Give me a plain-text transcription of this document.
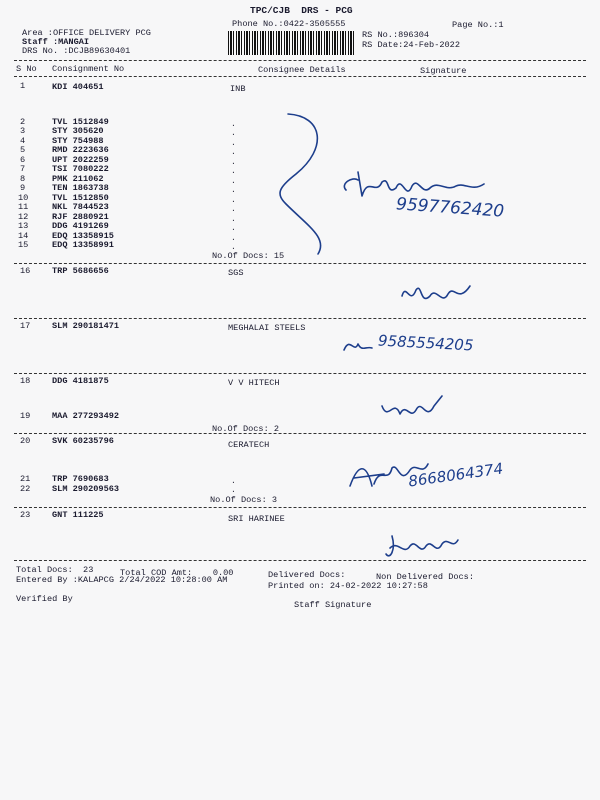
TPC/CJB  DRS - PCG
Phone No.:0422-3505555	Page No.:1
Area :OFFICE DELIVERY PCG
Staff :MANGAI
DRS No. :DCJB89630401
RS No.:896304
RS Date:24-Feb-2022
S No Consignment No	Consignee Details	Signature
1	KDI 404651	INB
2	TVL 1512849
3	STY 305620
4	STY 754988
5	RMD 2223636
6	UPT 2022259
7	TSI 7080222
8	PMK 211062
9	TEN 1863738
10	TVL 1512850
11	NKL 7844523
12	RJF 2880921
13	DDG 4191269
14	EDQ 13358915
15	EDQ 13358991
.
.
.
.
.
.
.
.
.
.
.
.
.
.
No.Of Docs: 15
16	TRP 5686656	SGS
17	SLM 290181471	MEGHALAI STEELS
18	DDG 4181875	V V HITECH
19	MAA 277293492
No.Of Docs: 2
20	SVK 60235796	CERATECH
21	TRP 7690683	.
22	SLM 290209563	.
No.Of Docs: 3
23	GNT 111225	SRI HARINEE
Total Docs:  23	Total COD Amt:    0.00	Delivered Docs:	Non Delivered Docs:
Entered By :KALAPCG 2/24/2022 10:28:00 AM
Printed on: 24-02-2022 10:27:58
Verified By
Staff Signature
9597762420
9585554205
8668064374
